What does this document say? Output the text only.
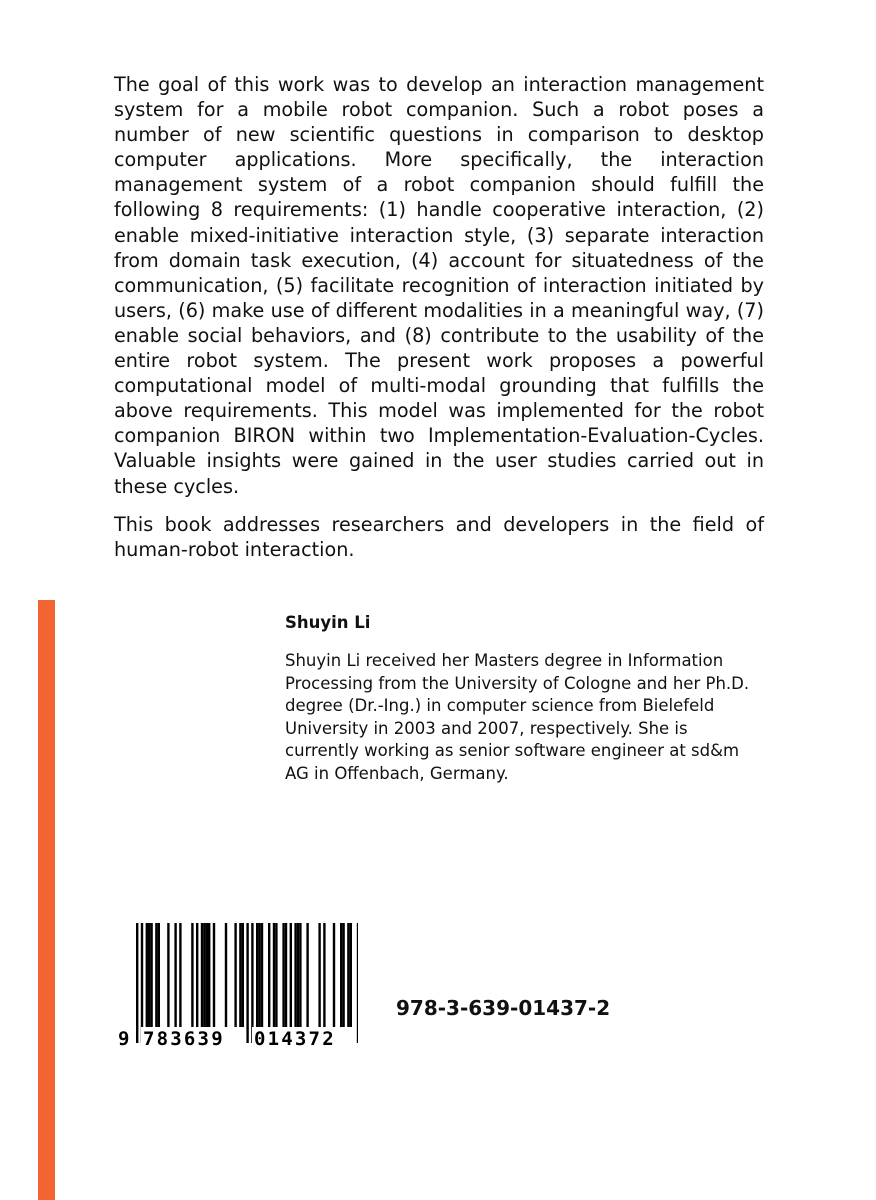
The goal of this work was to develop an interaction management system for a mobile robot companion. Such a robot poses a number of new scientific questions in comparison to desktop computer applications. More specifically, the interaction management system of a robot companion should fulfill the following 8 requirements: (1) handle cooperative interaction, (2) enable mixed-initiative interaction style, (3) separate interaction from domain task execution, (4) account for situatedness of the communication, (5) facilitate recognition of interaction initiated by users, (6) make use of different modalities in a meaningful way, (7) enable social behaviors, and (8) contribute to the usability of the entire robot system. The present work proposes a powerful computational model of multi-modal grounding that fulfills the above requirements. This model was implemented for the robot companion BIRON within two Implementation-Evaluation-Cycles. Valuable insights were gained in the user studies carried out in these cycles.

This book addresses researchers and developers in the field of human-robot interaction.

Shuyin Li

Shuyin Li received her Masters degree in Information Processing from the University of Cologne and her Ph.D. degree (Dr.-Ing.) in computer science from Bielefeld University in 2003 and 2007, respectively. She is currently working as senior software engineer at sd&m AG in Offenbach, Germany.

9 783639 014372
978-3-639-01437-2
